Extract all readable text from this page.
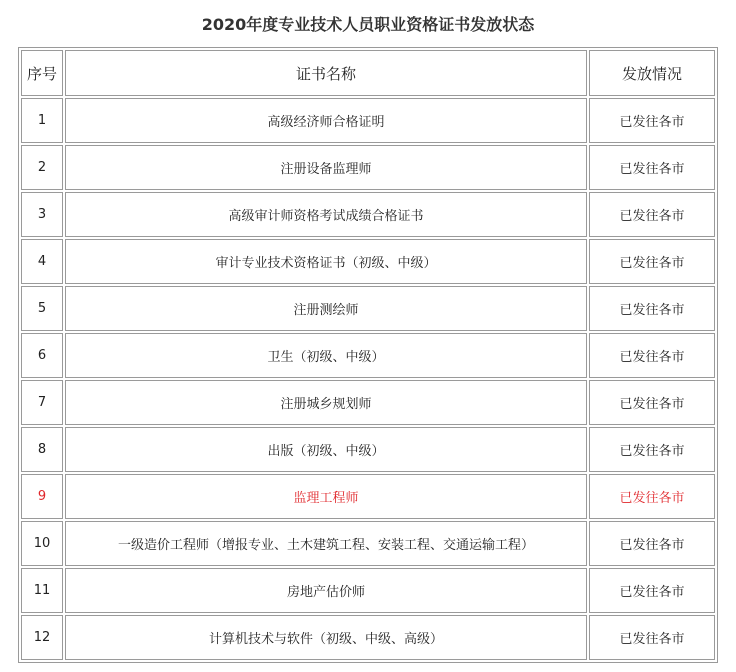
2020年度专业技术人员职业资格证书发放状态
序号	证书名称	发放情况
1	高级经济师合格证明	已发往各市
2	注册设备监理师	已发往各市
3	高级审计师资格考试成绩合格证书	已发往各市
4	审计专业技术资格证书（初级、中级）	已发往各市
5	注册测绘师	已发往各市
6	卫生（初级、中级）	已发往各市
7	注册城乡规划师	已发往各市
8	出版（初级、中级）	已发往各市
9	监理工程师	已发往各市
10	一级造价工程师（增报专业、土木建筑工程、安装工程、交通运输工程）	已发往各市
11	房地产估价师	已发往各市
12	计算机技术与软件（初级、中级、高级）	已发往各市
